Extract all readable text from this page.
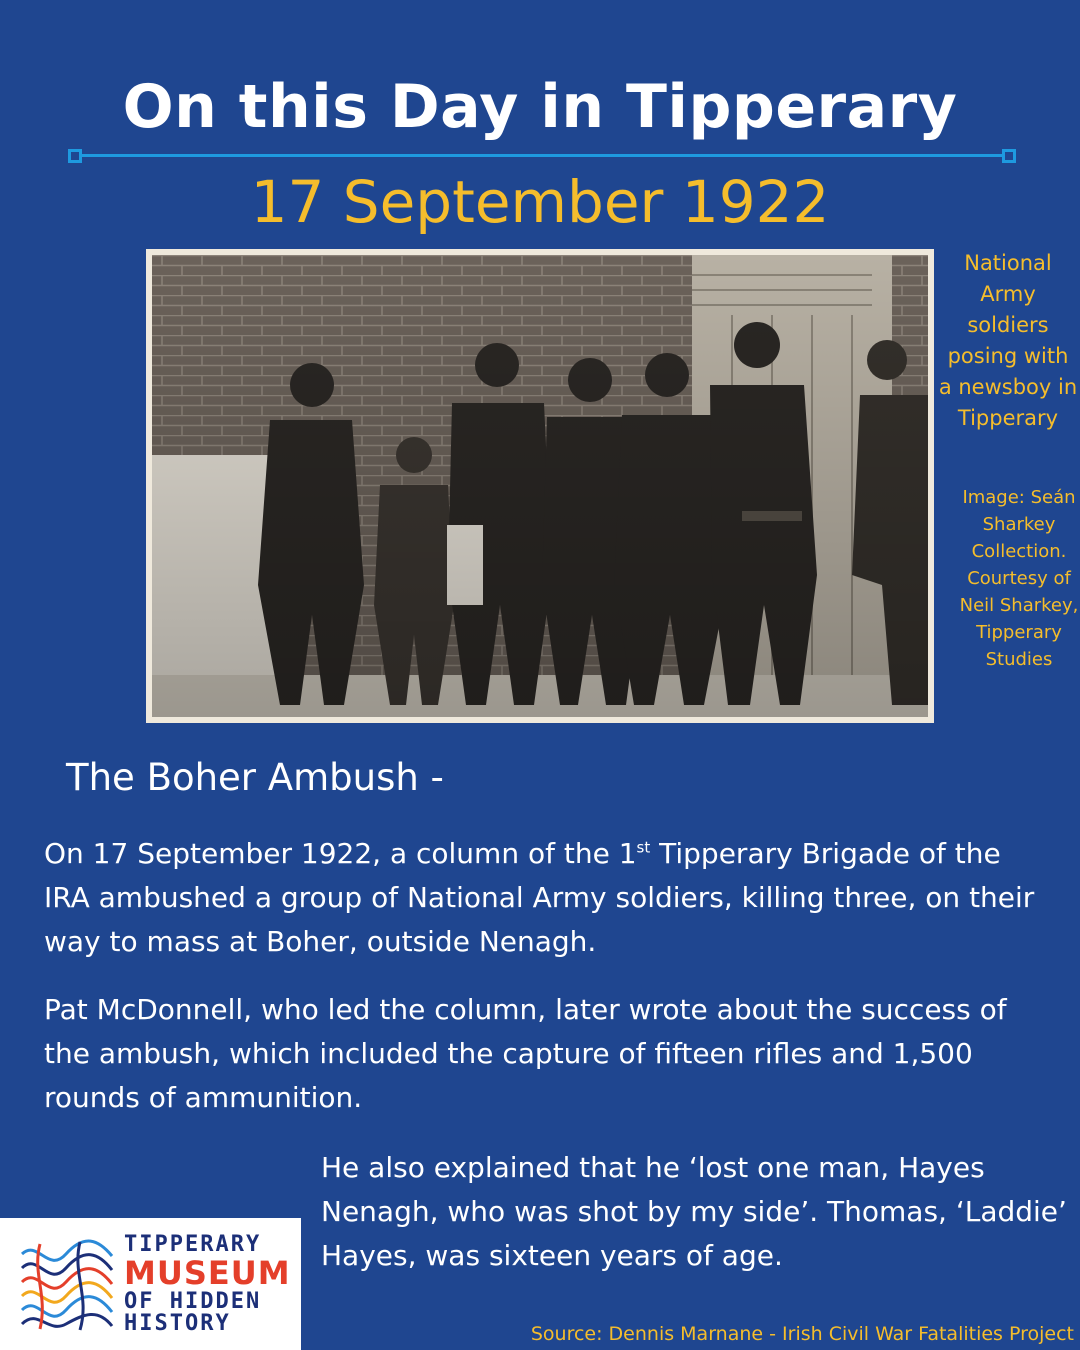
On this Day in Tipperary
17 September 1922
National Army soldiers posing with a newsboy in Tipperary
Image: Seán Sharkey Collection. Courtesy of Neil Sharkey, Tipperary Studies
The Boher Ambush -
On 17 September 1922, a column of the 1st Tipperary Brigade of the IRA ambushed a group of National Army soldiers, killing three, on their way to mass at Boher, outside Nenagh.
Pat McDonnell, who led the column, later wrote about the success of the ambush, which included the capture of fifteen rifles and 1,500 rounds of ammunition.
He also explained that he ‘lost one man, Hayes Nenagh, who was shot by my side’. Thomas, ‘Laddie’ Hayes, was sixteen years of age.
TIPPERARY
MUSEUM
OF HIDDEN
HISTORY	Source: Dennis Marnane - Irish Civil War Fatalities Project
